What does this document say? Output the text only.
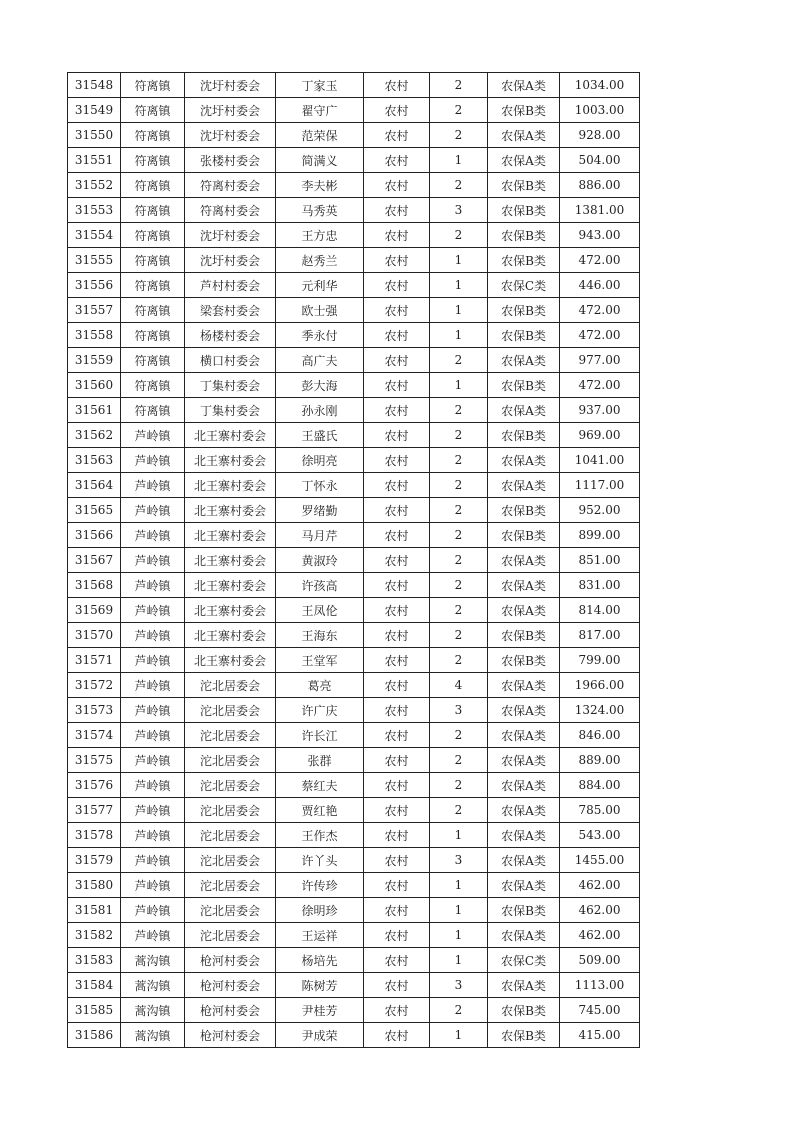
31548	符离镇	沈圩村委会	丁家玉	农村	2	农保A类	1034.00
31549	符离镇	沈圩村委会	翟守广	农村	2	农保B类	1003.00
31550	符离镇	沈圩村委会	范荣保	农村	2	农保A类	928.00
31551	符离镇	张楼村委会	简满义	农村	1	农保A类	504.00
31552	符离镇	符离村委会	李夫彬	农村	2	农保B类	886.00
31553	符离镇	符离村委会	马秀英	农村	3	农保B类	1381.00
31554	符离镇	沈圩村委会	王方忠	农村	2	农保B类	943.00
31555	符离镇	沈圩村委会	赵秀兰	农村	1	农保B类	472.00
31556	符离镇	芦村村委会	元利华	农村	1	农保C类	446.00
31557	符离镇	梁套村委会	欧士强	农村	1	农保B类	472.00
31558	符离镇	杨楼村委会	季永付	农村	1	农保B类	472.00
31559	符离镇	横口村委会	高广夫	农村	2	农保A类	977.00
31560	符离镇	丁集村委会	彭大海	农村	1	农保B类	472.00
31561	符离镇	丁集村委会	孙永刚	农村	2	农保A类	937.00
31562	芦岭镇	北王寨村委会	王盛氏	农村	2	农保B类	969.00
31563	芦岭镇	北王寨村委会	徐明亮	农村	2	农保A类	1041.00
31564	芦岭镇	北王寨村委会	丁怀永	农村	2	农保A类	1117.00
31565	芦岭镇	北王寨村委会	罗绪勤	农村	2	农保B类	952.00
31566	芦岭镇	北王寨村委会	马月芹	农村	2	农保B类	899.00
31567	芦岭镇	北王寨村委会	黄淑玲	农村	2	农保A类	851.00
31568	芦岭镇	北王寨村委会	许孩高	农村	2	农保A类	831.00
31569	芦岭镇	北王寨村委会	王凤伦	农村	2	农保A类	814.00
31570	芦岭镇	北王寨村委会	王海东	农村	2	农保B类	817.00
31571	芦岭镇	北王寨村委会	王堂军	农村	2	农保B类	799.00
31572	芦岭镇	沱北居委会	葛亮	农村	4	农保A类	1966.00
31573	芦岭镇	沱北居委会	许广庆	农村	3	农保A类	1324.00
31574	芦岭镇	沱北居委会	许长江	农村	2	农保A类	846.00
31575	芦岭镇	沱北居委会	张群	农村	2	农保A类	889.00
31576	芦岭镇	沱北居委会	蔡红夫	农村	2	农保A类	884.00
31577	芦岭镇	沱北居委会	贾红艳	农村	2	农保A类	785.00
31578	芦岭镇	沱北居委会	王作杰	农村	1	农保A类	543.00
31579	芦岭镇	沱北居委会	许丫头	农村	3	农保A类	1455.00
31580	芦岭镇	沱北居委会	许传珍	农村	1	农保A类	462.00
31581	芦岭镇	沱北居委会	徐明珍	农村	1	农保B类	462.00
31582	芦岭镇	沱北居委会	王运祥	农村	1	农保A类	462.00
31583	蒿沟镇	枪河村委会	杨培先	农村	1	农保C类	509.00
31584	蒿沟镇	枪河村委会	陈树芳	农村	3	农保A类	1113.00
31585	蒿沟镇	枪河村委会	尹桂芳	农村	2	农保B类	745.00
31586	蒿沟镇	枪河村委会	尹成荣	农村	1	农保B类	415.00
